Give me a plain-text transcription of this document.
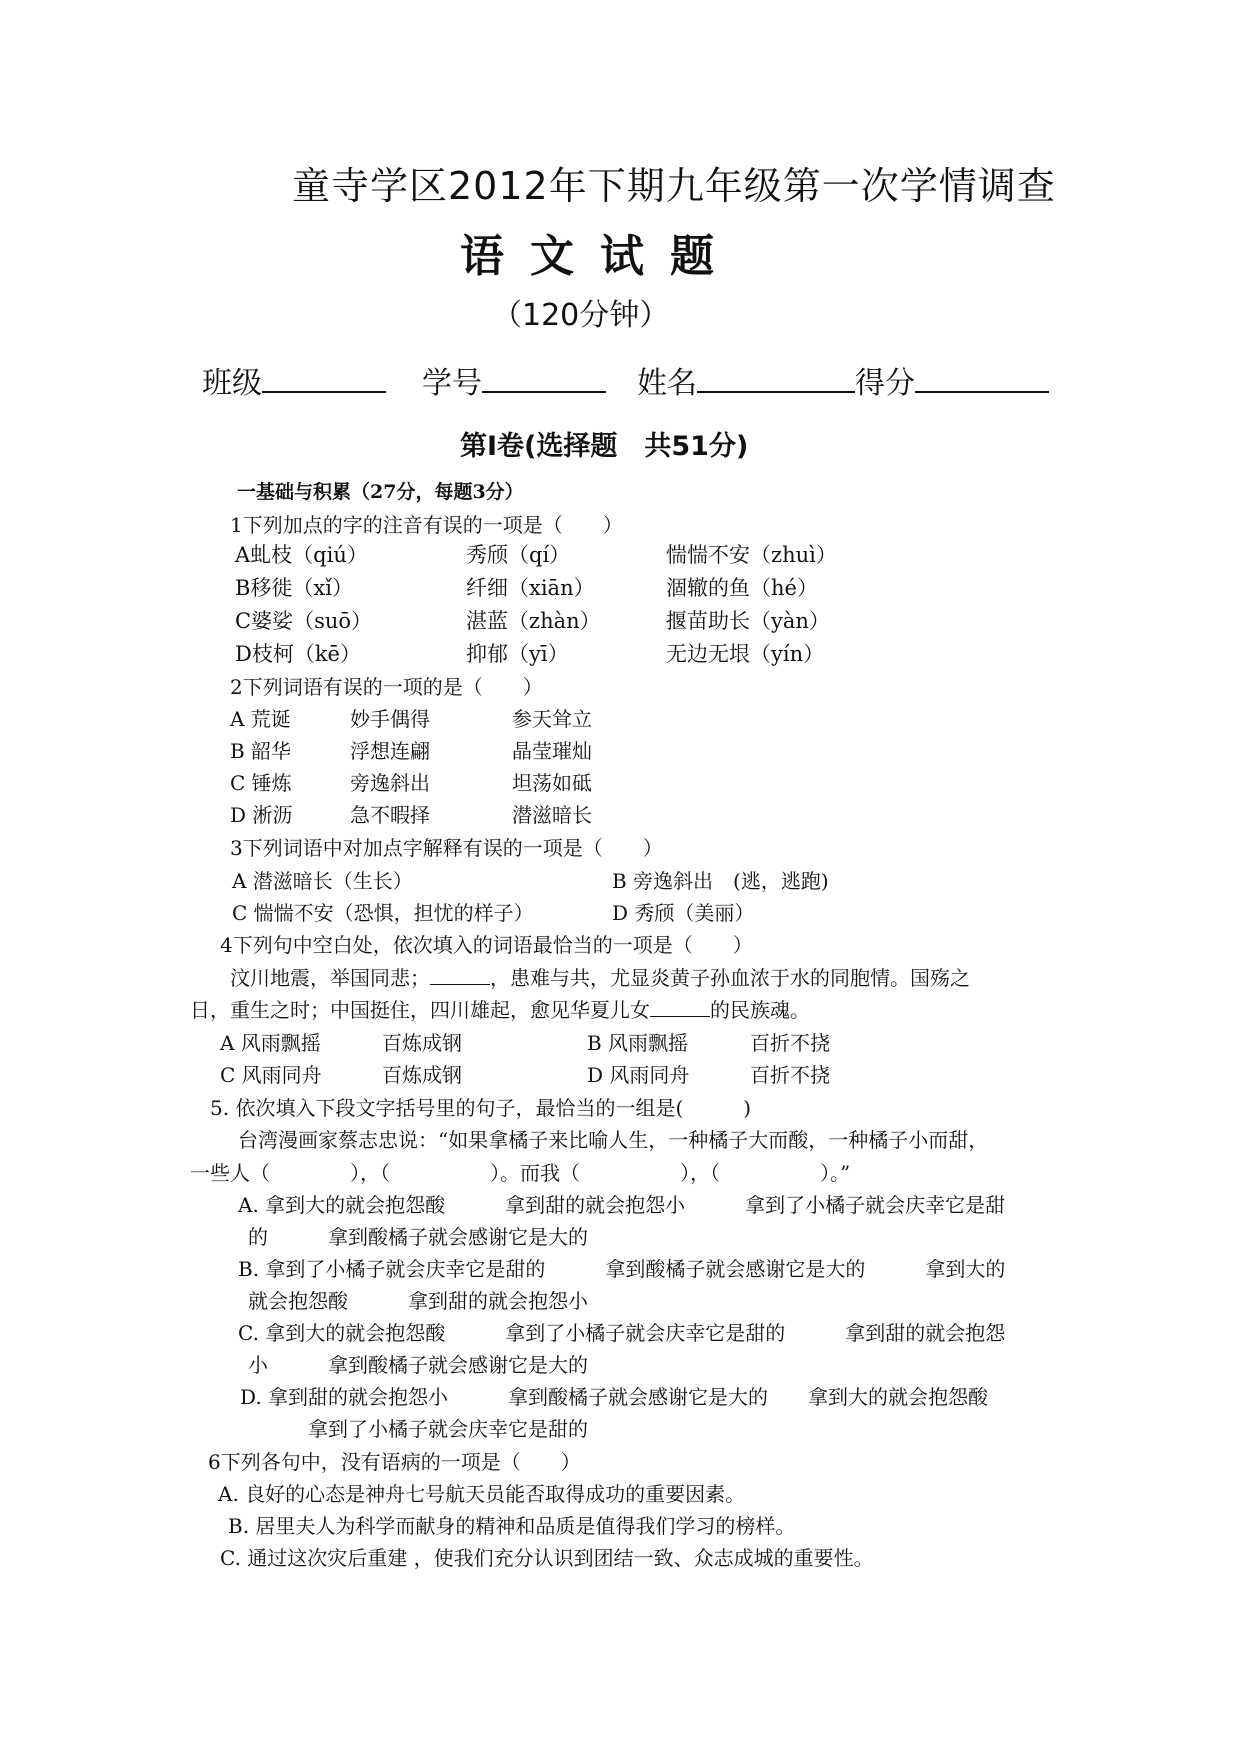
童寺学区2012年下期九年级第一次学情调查
语文试题
（120分钟）
班级	学号	姓名	得分
第Ⅰ卷(选择题　共51分)
一基础与积累（27分，每题3分）
1下列加点的字的注音有误的一项是（　　）
A虬枝（qiú）	秀颀（qí）	惴惴不安（zhuì）
B移徙（xǐ）	纤细（xiān）	涸辙的鱼（hé）
C婆娑（suō）	湛蓝（zhàn）	揠苗助长（yàn）
D枝柯（kē）	抑郁（yī）	无边无垠（yín）
2下列词语有误的一项的是（　　）
A 荒诞	妙手偶得	参天耸立
B 韶华	浮想连翩	晶莹璀灿
C 锤炼	旁逸斜出	坦荡如砥
D 淅沥	急不暇择	潜滋暗长
3下列词语中对加点字解释有误的一项是（　　）
A 潜滋暗长（生长）	B 旁逸斜出　(逃，逃跑)
C 惴惴不安（恐惧，担忧的样子）	D 秀颀（美丽）
4下列句中空白处，依次填入的词语最恰当的一项是（　　）
汶川地震，举国同悲；	，患难与共，尤显炎黄子孙血浓于水的同胞情。国殇之
日，重生之时；中国挺住，四川雄起，愈见华夏儿女	的民族魂。
A 风雨飘摇	百炼成钢	B 风雨飘摇	百折不挠
C 风雨同舟	百炼成钢	D 风雨同舟	百折不挠
5. 依次填入下段文字括号里的句子，最恰当的一组是(　　　)
台湾漫画家蔡志忠说：“如果拿橘子来比喻人生，一种橘子大而酸，一种橘子小而甜，
一些人（　　　　），（　　　　　）。而我（　　　　　），（　　　　　）。”
A. 拿到大的就会抱怨酸　　　拿到甜的就会抱怨小　　　拿到了小橘子就会庆幸它是甜
的　　　拿到酸橘子就会感谢它是大的
B. 拿到了小橘子就会庆幸它是甜的　　　拿到酸橘子就会感谢它是大的　　　拿到大的
就会抱怨酸　　　拿到甜的就会抱怨小
C. 拿到大的就会抱怨酸　　　拿到了小橘子就会庆幸它是甜的　　　拿到甜的就会抱怨
小　　　拿到酸橘子就会感谢它是大的
D. 拿到甜的就会抱怨小　　　拿到酸橘子就会感谢它是大的　　拿到大的就会抱怨酸
拿到了小橘子就会庆幸它是甜的
6下列各句中，没有语病的一项是（　　）
A. 良好的心态是神舟七号航天员能否取得成功的重要因素。
B. 居里夫人为科学而献身的精神和品质是值得我们学习的榜样。
C. 通过这次灾后重建 ，使我们充分认识到团结一致、众志成城的重要性。
